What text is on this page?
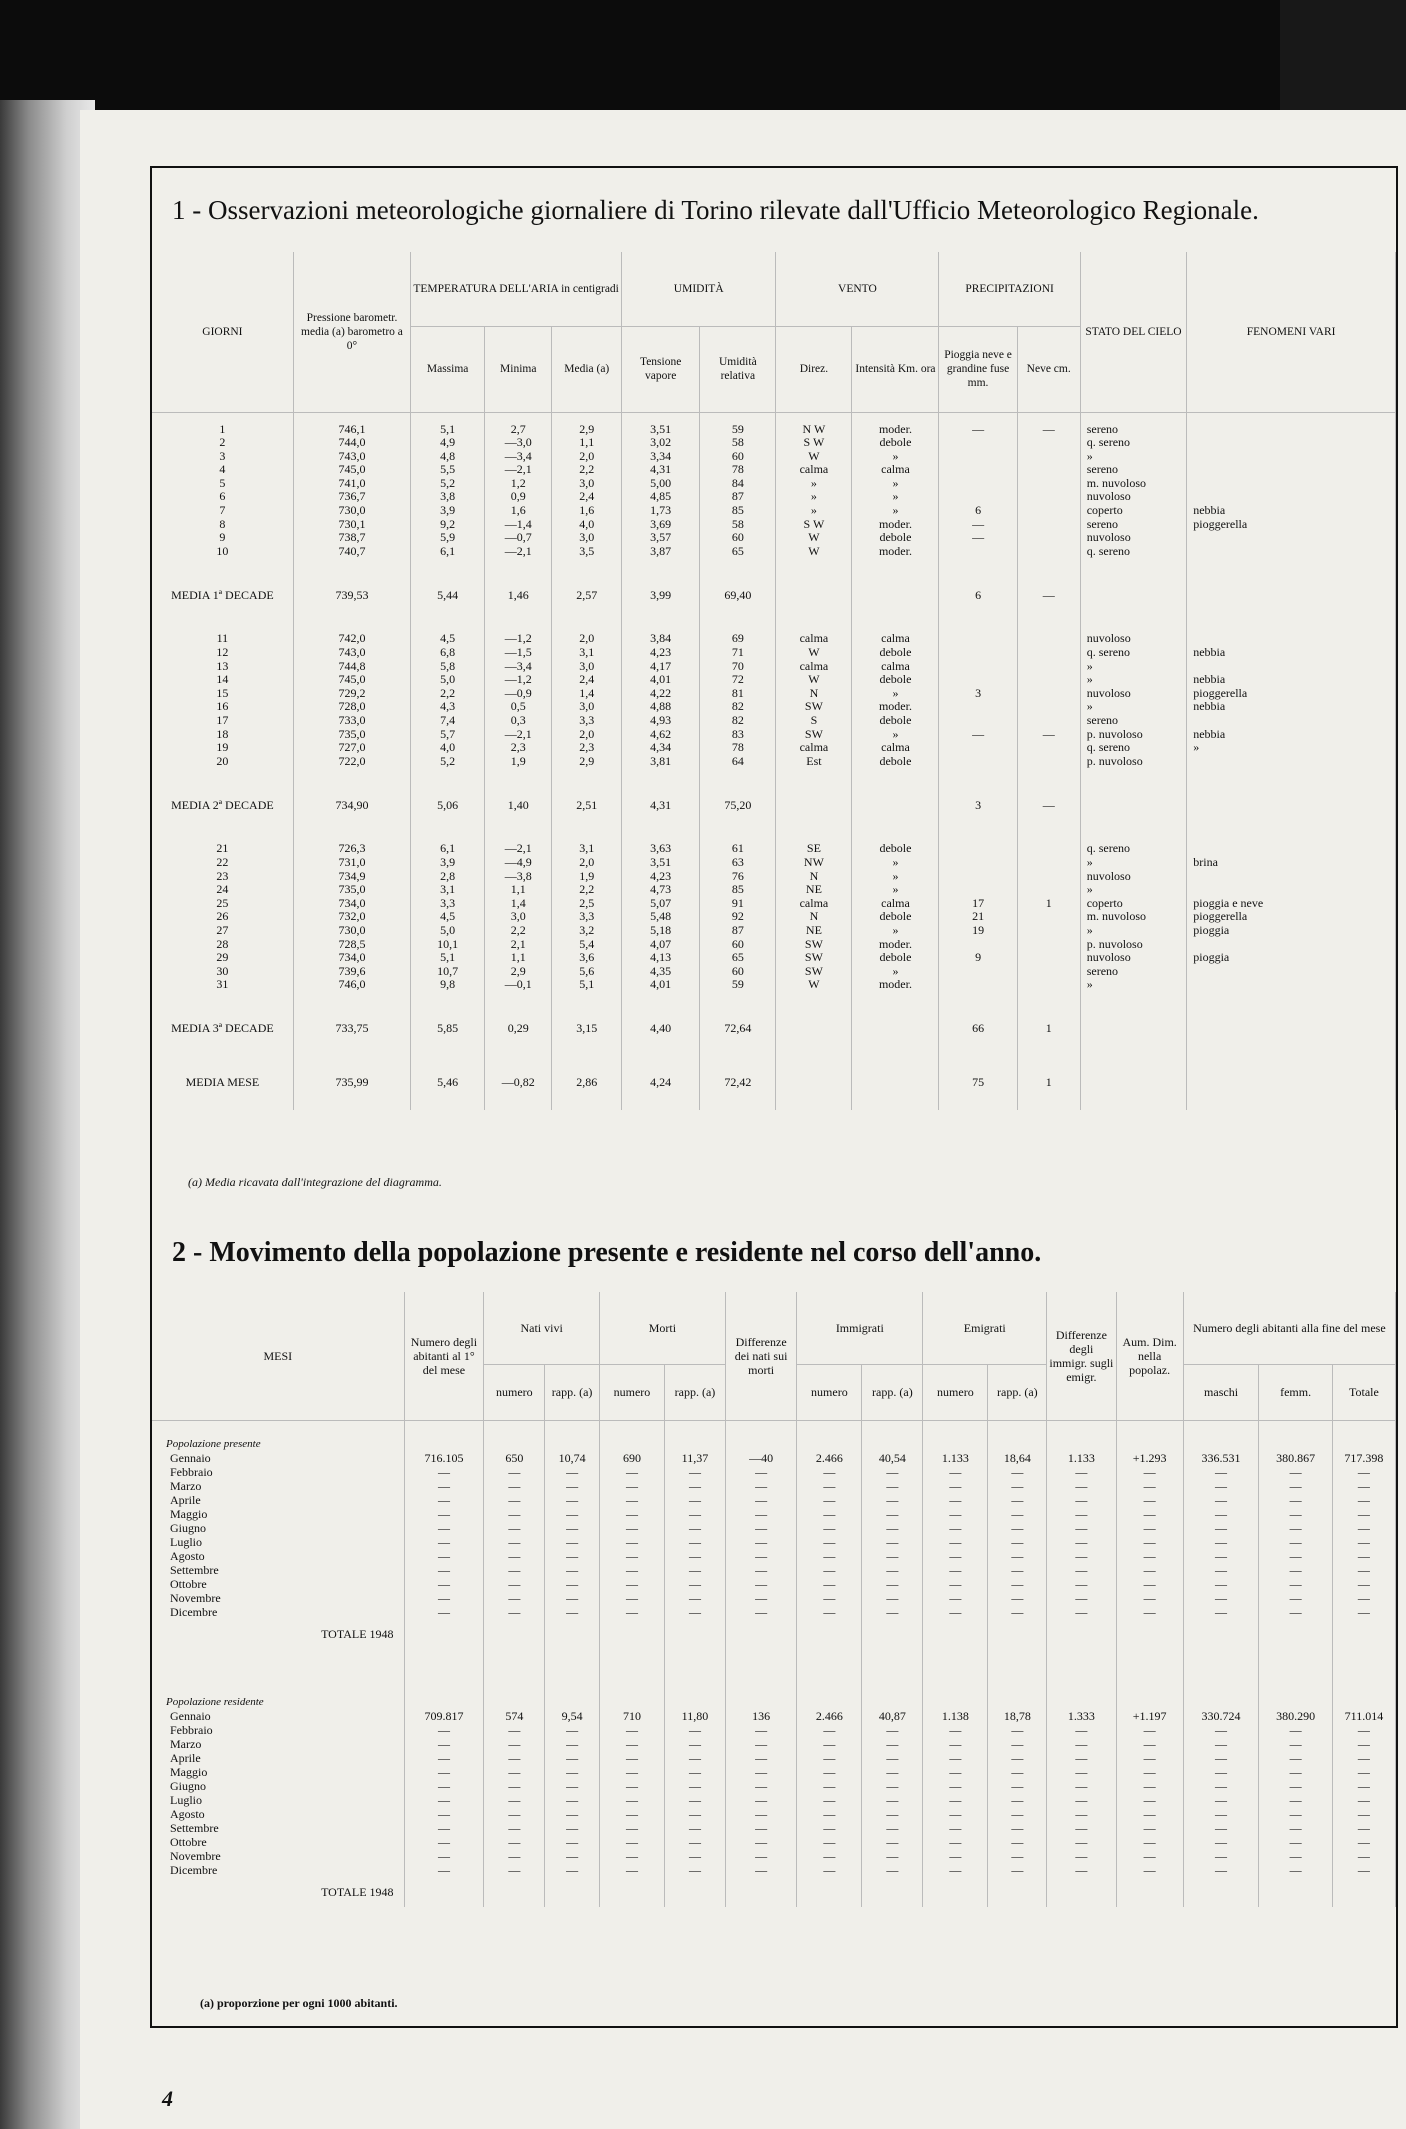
1 - Osservazioni meteorologiche giornaliere di Torino rilevate dall'Ufficio Meteorologico Regionale.
GIORNI	Pressione barometr. media (a) barometro a 0°	TEMPERATURA DELL'ARIA in centigradi			UMIDITÀ		VENTO		PRECIPITAZIONI		STATO DEL CIELO	FENOMENI VARI
		Massima	Minima	Media (a)	Tensione vapore	Umidità relativa	Direz.	Intensità Km. ora	Pioggia neve e grandine fuse mm.	Neve cm.		

1	746,1	5,1	2,7	2,9	3,51	59	N W	moder.	—	—	sereno	
2	744,0	4,9	—3,0	1,1	3,02	58	S W	debole			q. sereno	
3	743,0	4,8	—3,4	2,0	3,34	60	W	»			»	
4	745,0	5,5	—2,1	2,2	4,31	78	calma	calma			sereno	
5	741,0	5,2	1,2	3,0	5,00	84	»	»			m. nuvoloso	
6	736,7	3,8	0,9	2,4	4,85	87	»	»			nuvoloso	
7	730,0	3,9	1,6	1,6	1,73	85	»	»	6		coperto	nebbia
8	730,1	9,2	—1,4	4,0	3,69	58	S W	moder.	—		sereno	pioggerella
9	738,7	5,9	—0,7	3,0	3,57	60	W	debole	—		nuvoloso	
10	740,7	6,1	—2,1	3,5	3,87	65	W	moder.			q. sereno	

MEDIA 1ª DECADE	739,53	5,44	1,46	2,57	3,99	69,40			6	—		

11	742,0	4,5	—1,2	2,0	3,84	69	calma	calma			nuvoloso	
12	743,0	6,8	—1,5	3,1	4,23	71	W	debole			q. sereno	nebbia
13	744,8	5,8	—3,4	3,0	4,17	70	calma	calma			»	
14	745,0	5,0	—1,2	2,4	4,01	72	W	debole			»	nebbia
15	729,2	2,2	—0,9	1,4	4,22	81	N	»	3		nuvoloso	pioggerella
16	728,0	4,3	0,5	3,0	4,88	82	SW	moder.			»	nebbia
17	733,0	7,4	0,3	3,3	4,93	82	S	debole			sereno	
18	735,0	5,7	—2,1	2,0	4,62	83	SW	»	—	—	p. nuvoloso	nebbia
19	727,0	4,0	2,3	2,3	4,34	78	calma	calma			q. sereno	»
20	722,0	5,2	1,9	2,9	3,81	64	Est	debole			p. nuvoloso	

MEDIA 2ª DECADE	734,90	5,06	1,40	2,51	4,31	75,20			3	—		

21	726,3	6,1	—2,1	3,1	3,63	61	SE	debole			q. sereno	
22	731,0	3,9	—4,9	2,0	3,51	63	NW	»			»	brina
23	734,9	2,8	—3,8	1,9	4,23	76	N	»			nuvoloso	
24	735,0	3,1	1,1	2,2	4,73	85	NE	»			»	
25	734,0	3,3	1,4	2,5	5,07	91	calma	calma	17	1	coperto	pioggia e neve
26	732,0	4,5	3,0	3,3	5,48	92	N	debole	21		m. nuvoloso	pioggerella
27	730,0	5,0	2,2	3,2	5,18	87	NE	»	19		»	pioggia
28	728,5	10,1	2,1	5,4	4,07	60	SW	moder.			p. nuvoloso	
29	734,0	5,1	1,1	3,6	4,13	65	SW	debole	9		nuvoloso	pioggia
30	739,6	10,7	2,9	5,6	4,35	60	SW	»			sereno	
31	746,0	9,8	—0,1	5,1	4,01	59	W	moder.			»	

MEDIA 3ª DECADE	733,75	5,85	0,29	3,15	4,40	72,64			66	1		
MEDIA MESE	735,99	5,46	—0,82	2,86	4,24	72,42			75	1		
(a) Media ricavata dall'integrazione del diagramma.
2 - Movimento della popolazione presente e residente nel corso dell'anno.
MESI	Numero degli abitanti al 1° del mese	Nati vivi		Morti		Differenze dei nati sui morti	Immigrati		Emigrati		Differenze degli immigr. sugli emigr.	Aum. Dim. nella popolaz.	Numero degli abitanti alla fine del mese		
		numero	rapp. (a)	numero	rapp. (a)		numero	rapp. (a)	numero	rapp. (a)			maschi	femm.	Totale
Popolazione presente															
Gennaio	716.105	650	10,74	690	11,37	—40	2.466	40,54	1.133	18,64	1.133	+1.293	336.531	380.867	717.398
Febbraio	—	—	—	—	—	—	—	—	—	—	—	—	—	—	—
Marzo	—	—	—	—	—	—	—	—	—	—	—	—	—	—	—
Aprile	—	—	—	—	—	—	—	—	—	—	—	—	—	—	—
Maggio	—	—	—	—	—	—	—	—	—	—	—	—	—	—	—
Giugno	—	—	—	—	—	—	—	—	—	—	—	—	—	—	—
Luglio	—	—	—	—	—	—	—	—	—	—	—	—	—	—	—
Agosto	—	—	—	—	—	—	—	—	—	—	—	—	—	—	—
Settembre	—	—	—	—	—	—	—	—	—	—	—	—	—	—	—
Ottobre	—	—	—	—	—	—	—	—	—	—	—	—	—	—	—
Novembre	—	—	—	—	—	—	—	—	—	—	—	—	—	—	—
Dicembre	—	—	—	—	—	—	—	—	—	—	—	—	—	—	—
TOTALE 1948															

Popolazione residente															
Gennaio	709.817	574	9,54	710	11,80	136	2.466	40,87	1.138	18,78	1.333	+1.197	330.724	380.290	711.014
Febbraio	—	—	—	—	—	—	—	—	—	—	—	—	—	—	—
Marzo	—	—	—	—	—	—	—	—	—	—	—	—	—	—	—
Aprile	—	—	—	—	—	—	—	—	—	—	—	—	—	—	—
Maggio	—	—	—	—	—	—	—	—	—	—	—	—	—	—	—
Giugno	—	—	—	—	—	—	—	—	—	—	—	—	—	—	—
Luglio	—	—	—	—	—	—	—	—	—	—	—	—	—	—	—
Agosto	—	—	—	—	—	—	—	—	—	—	—	—	—	—	—
Settembre	—	—	—	—	—	—	—	—	—	—	—	—	—	—	—
Ottobre	—	—	—	—	—	—	—	—	—	—	—	—	—	—	—
Novembre	—	—	—	—	—	—	—	—	—	—	—	—	—	—	—
Dicembre	—	—	—	—	—	—	—	—	—	—	—	—	—	—	—
TOTALE 1948															
(a) proporzione per ogni 1000 abitanti.
4
